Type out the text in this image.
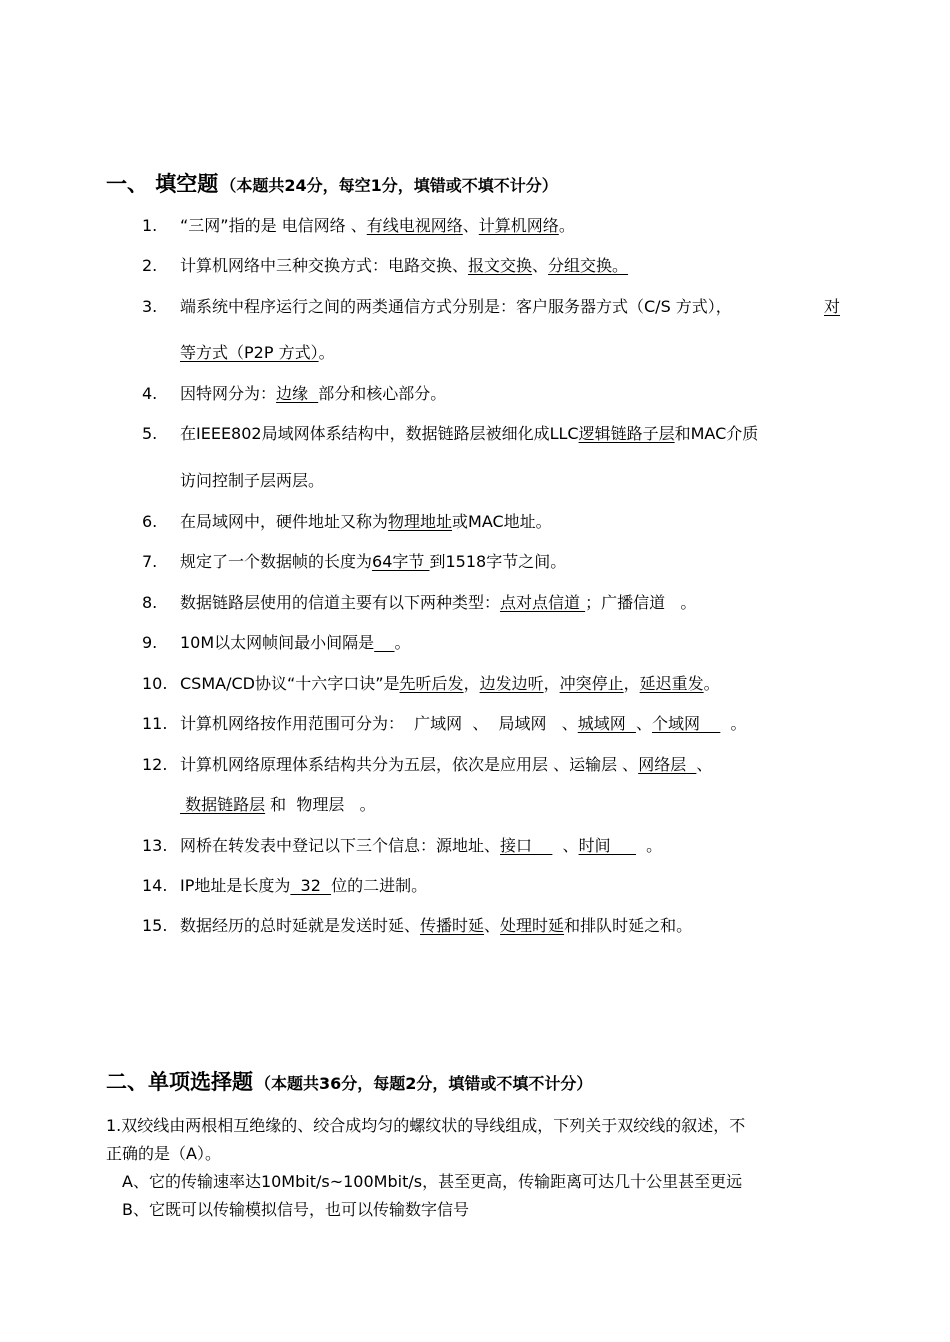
一、 填空题 （本题共24分，每空1分，填错或不填不计分）
1. “三网”指的是 电信网络 、有线电视网络、计算机网络。
2. 计算机网络中三种交换方式：电路交换、报文交换、分组交换。
3. 端系统中程序运行之间的两类通信方式分别是：客户服务器方式（C/S 方式），	对
等方式（P2P 方式）。
4. 因特网分为：边缘  部分和核心部分。
5. 在IEEE802局域网体系结构中，数据链路层被细化成LLC逻辑链路子层和MAC介质
访问控制子层两层。
6. 在局域网中，硬件地址又称为物理地址或MAC地址。
7. 规定了一个数据帧的长度为64字节 到1518字节之间。
8. 数据链路层使用的信道主要有以下两种类型：点对点信道 ；广播信道   。
9. 10M以太网帧间最小间隔是 。
10. CSMA/CD协议“十六字口诀”是先听后发，边发边听，冲突停止，延迟重发。
11. 计算机网络按作用范围可分为：  广域网  、  局域网   、城域网  、个域网      。
12. 计算机网络原理体系结构共分为五层，依次是应用层 、运输层 、网络层  、
数据链路层 和  物理层   。
13. 网桥在转发表中登记以下三个信息：源地址、接口      、时间       。
14. IP地址是长度为  32  位的二进制。
15. 数据经历的总时延就是发送时延、传播时延、处理时延和排队时延之和。
二、单项选择题 （本题共36分，每题2分，填错或不填不计分）
1.双绞线由两根相互绝缘的、绞合成均匀的螺纹状的导线组成，下列关于双绞线的叙述，不
正确的是（A）。
A、它的传输速率达10Mbit/s~100Mbit/s，甚至更高，传输距离可达几十公里甚至更远
B、它既可以传输模拟信号，也可以传输数字信号
